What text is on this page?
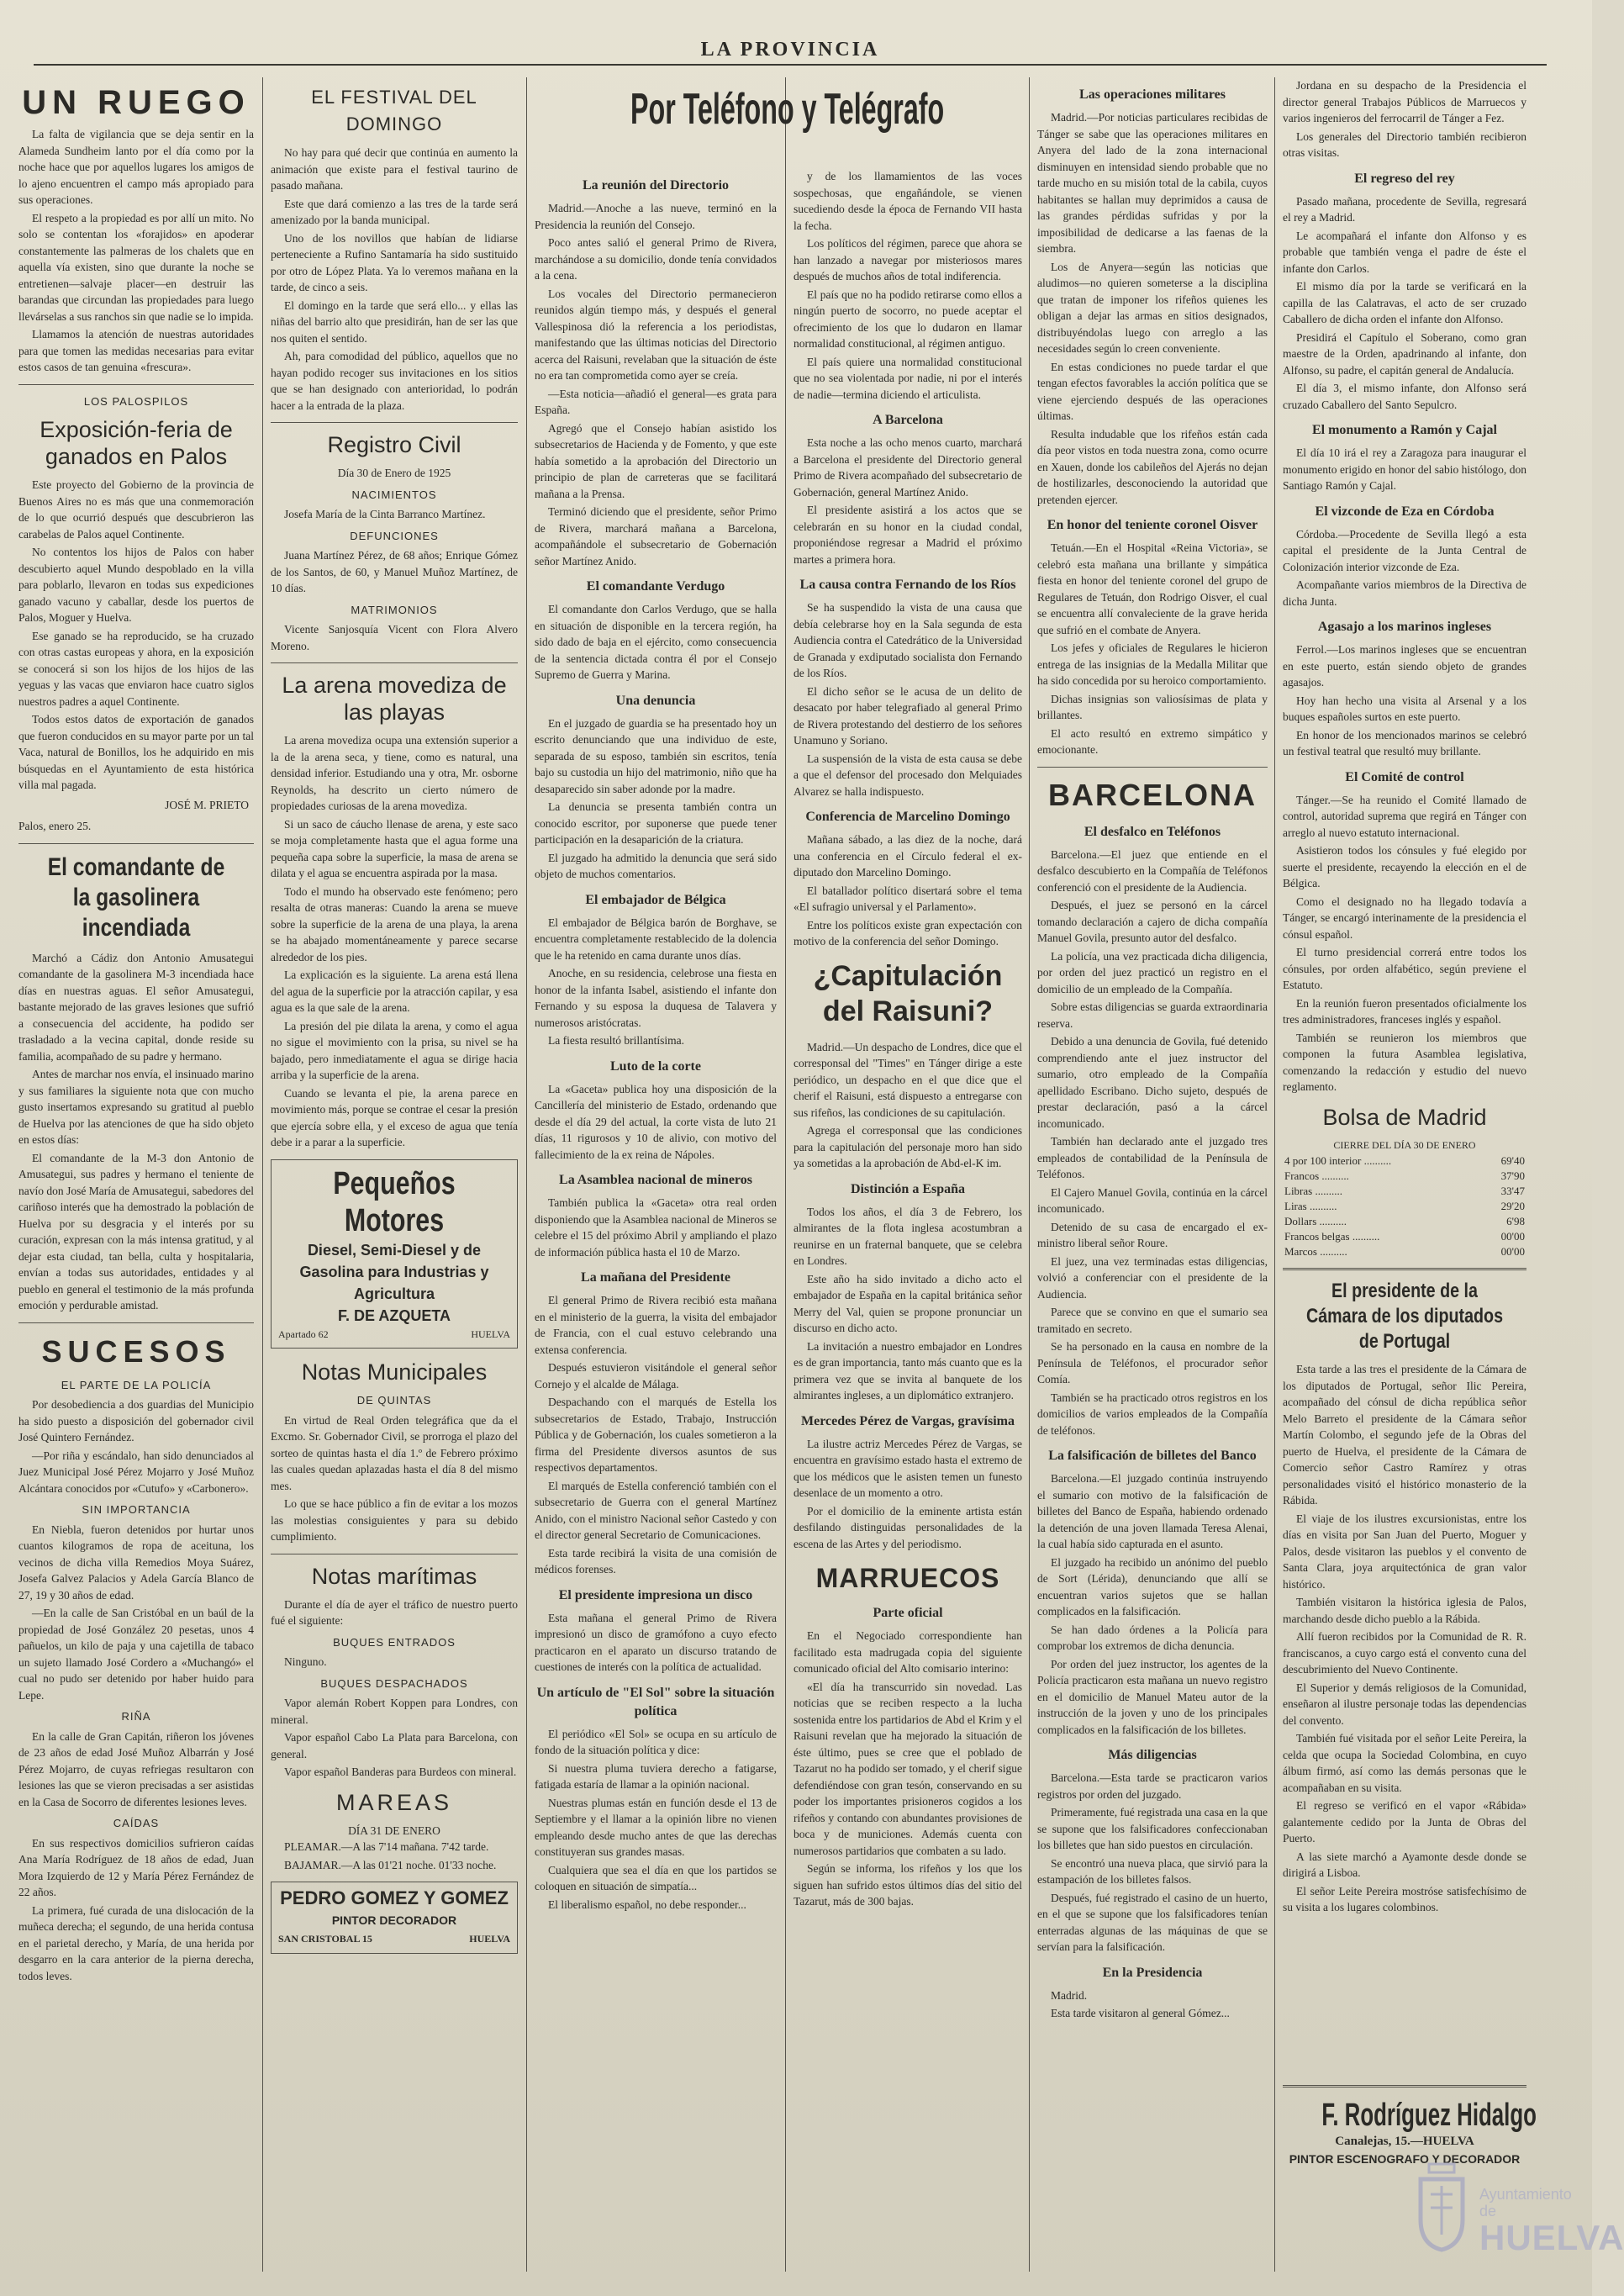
LA PROVINCIA
UN RUEGO

La falta de vigilancia que se deja sentir en la Alameda Sundheim lanto por el día como por la noche hace que por aquellos lugares los amigos de lo ajeno encuentren el campo más apropiado para sus operaciones.

El respeto a la propiedad es por allí un mito. No solo se contentan los «forajidos» en apoderar constantemente las palmeras de los chalets que en aquella vía existen, sino que durante la noche se entretienen—salvaje placer—en destruir las barandas que circundan las propiedades para luego llevárselas a sus ranchos sin que nadie se lo impida.

Llamamos la atención de nuestras autoridades para que tomen las medidas necesarias para evitar estos casos de tan genuina «frescura».

LOS PALOSPILOS
Exposición-feria de ganados en Palos

Este proyecto del Gobierno de la provincia de Buenos Aires no es más que una conmemoración de lo que ocurrió después que descubrieron las carabelas de Palos aquel Continente.

No contentos los hijos de Palos con haber descubierto aquel Mundo despoblado en la villa para poblarlo, llevaron en todas sus expediciones ganado vacuno y caballar, desde los puertos de Palos, Moguer y Huelva.

Ese ganado se ha reproducido, se ha cruzado con otras castas europeas y ahora, en la exposición se conocerá si son los hijos de los hijos de las yeguas y las vacas que enviaron hace cuatro siglos nuestros padres a aquel Continente.

Todos estos datos de exportación de ganados que fueron conducidos en su mayor parte por un tal Vaca, natural de Bonillos, los he adquirido en mis búsquedas en el Ayuntamiento de esta histórica villa mal pagada.

JOSÉ M. PRIETO
Palos, enero 25.
El comandante de la gasolinera incendiada

Marchó a Cádiz don Antonio Amusategui comandante de la gasolinera M-3 incendiada hace días en nuestras aguas. El señor Amusategui, bastante mejorado de las graves lesiones que sufrió a consecuencia del accidente, ha podido ser trasladado a la vecina capital, donde reside su familia, acompañado de su padre y hermano.

Antes de marchar nos envía, el insinuado marino y sus familiares la siguiente nota que con mucho gusto insertamos expresando su gratitud al pueblo de Huelva por las atenciones de que ha sido objeto en estos días:

El comandante de la M-3 don Antonio de Amusategui, sus padres y hermano el teniente de navío don José María de Amusategui, sabedores del cariñoso interés que ha demostrado la población de Huelva por su desgracia y el interés por su curación, expresan con la más intensa gratitud, y al dejar esta ciudad, tan bella, culta y hospitalaria, envían a todas sus autoridades, entidades y al pueblo en general el testimonio de la más profunda emoción y perdurable amistad.

SUCESOS
EL PARTE DE LA POLICÍA

Por desobediencia a dos guardias del Municipio ha sido puesto a disposición del gobernador civil José Quintero Fernández.

—Por riña y escándalo, han sido denunciados al Juez Municipal José Pérez Mojarro y José Muñoz Alcántara conocidos por «Cutufo» y «Carbonero».

SIN IMPORTANCIA

En Niebla, fueron detenidos por hurtar unos cuantos kilogramos de ropa de aceituna, los vecinos de dicha villa Remedios Moya Suárez, Josefa Galvez Palacios y Adela García Blanco de 27, 19 y 30 años de edad.

—En la calle de San Cristóbal en un baúl de la propiedad de José González 20 pesetas, unos 4 pañuelos, un kilo de paja y una cajetilla de tabaco un sujeto llamado José Cordero a «Muchangó» el cual no pudo ser detenido por haber huido para Lepe.

RIÑA

En la calle de Gran Capitán, riñeron los jóvenes de 23 años de edad José Muñoz Albarrán y José Pérez Mojarro, de cuyas refriegas resultaron con lesiones las que se vieron precisadas a ser asistidas en la Casa de Socorro de diferentes lesiones leves.

CAÍDAS

En sus respectivos domicilios sufrieron caídas Ana María Rodríguez de 18 años de edad, Juan Mora Izquierdo de 12 y María Pérez Fernández de 22 años.

La primera, fué curada de una dislocación de la muñeca derecha; el segundo, de una herida contusa en el parietal derecho, y María, de una herida por desgarro en la cara anterior de la pierna derecha, todos leves.

EL FESTIVAL DEL DOMINGO

No hay para qué decir que continúa en aumento la animación que existe para el festival taurino de pasado mañana.

Este que dará comienzo a las tres de la tarde será amenizado por la banda municipal.

Uno de los novillos que habían de lidiarse perteneciente a Rufino Santamaría ha sido sustituido por otro de López Plata. Ya lo veremos mañana en la tarde, de cinco a seis.

El domingo en la tarde que será ello... y ellas las niñas del barrio alto que presidirán, han de ser las que nos quiten el sentido.

Ah, para comodidad del público, aquellos que no hayan podido recoger sus invitaciones en los sitios que se han designado con anterioridad, lo podrán hacer a la entrada de la plaza.

Registro Civil
Día 30 de Enero de 1925
NACIMIENTOS

Josefa María de la Cinta Barranco Martínez.

DEFUNCIONES

Juana Martínez Pérez, de 68 años; Enrique Gómez de los Santos, de 60, y Manuel Muñoz Martínez, de 10 días.

MATRIMONIOS

Vicente Sanjosquía Vicent con Flora Alvero Moreno.

La arena movediza de las playas

La arena movediza ocupa una extensión superior a la de la arena seca, y tiene, como es natural, una densidad inferior. Estudiando una y otra, Mr. osborne Reynolds, ha descrito un cierto número de propiedades curiosas de la arena movediza.

Si un saco de cáucho llenase de arena, y este saco se moja completamente hasta que el agua forme una pequeña capa sobre la superficie, la masa de arena se dilata y el agua se encuentra aspirada por la masa.

Todo el mundo ha observado este fenómeno; pero resalta de otras maneras: Cuando la arena se mueve sobre la superficie de la arena de una playa, la arena se ha abajado momentáneamente y parece secarse alrededor de los pies.

La explicación es la siguiente. La arena está llena del agua de la superficie por la atracción capilar, y esa agua es la que sale de la arena.

La presión del pie dilata la arena, y como el agua no sigue el movimiento con la prisa, su nivel se ha bajado, pero inmediatamente el agua se dirige hacia arriba y la superficie de la arena.

Cuando se levanta el pie, la arena parece en movimiento más, porque se contrae el cesar la presión que ejercía sobre ella, y el exceso de agua que tenía debe ir a parar a la superficie.

Pequeños Motores
Diesel, Semi-Diesel y de Gasolina para Industrias y Agricultura
F. DE AZQUETA
Apartado 62	HUELVA
Notas Municipales
DE QUINTAS

En virtud de Real Orden telegráfica que da el Excmo. Sr. Gobernador Civil, se prorroga el plazo del sorteo de quintas hasta el día 1.º de Febrero próximo las cuales quedan aplazadas hasta el día 8 del mismo mes.

Lo que se hace público a fin de evitar a los mozos las molestias consiguientes y para su debido cumplimiento.

Notas marítimas

Durante el día de ayer el tráfico de nuestro puerto fué el siguiente:

BUQUES ENTRADOS

Ninguno.

BUQUES DESPACHADOS

Vapor alemán Robert Koppen para Londres, con mineral.

Vapor español Cabo La Plata para Barcelona, con general.

Vapor español Banderas para Burdeos con mineral.

MAREAS
DÍA 31 DE ENERO

PLEAMAR.—A las 7'14 mañana. 7'42 tarde.

BAJAMAR.—A las 01'21 noche. 01'33 noche.

PEDRO GOMEZ Y GOMEZ
PINTOR DECORADOR
SAN CRISTOBAL 15	HUELVA
Por Teléfono y Telégrafo
La reunión del Directorio

Madrid.—Anoche a las nueve, terminó en la Presidencia la reunión del Consejo.

Poco antes salió el general Primo de Rivera, marchándose a su domicilio, donde tenía convidados a la cena.

Los vocales del Directorio permanecieron reunidos algún tiempo más, y después el general Vallespinosa dió la referencia a los periodistas, manifestando que las últimas noticias del Directorio acerca del Raisuni, revelaban que la situación de éste no era tan comprometida como ayer se creía.

—Esta noticia—añadió el general—es grata para España.

Agregó que el Consejo habían asistido los subsecretarios de Hacienda y de Fomento, y que este había sometido a la aprobación del Directorio un principio de plan de carreteras que se facilitará mañana a la Prensa.

Terminó diciendo que el presidente, señor Primo de Rivera, marchará mañana a Barcelona, acompañándole el subsecretario de Gobernación señor Martínez Anido.

El comandante Verdugo

El comandante don Carlos Verdugo, que se halla en situación de disponible en la tercera región, ha sido dado de baja en el ejército, como consecuencia de la sentencia dictada contra él por el Consejo Supremo de Guerra y Marina.

Una denuncia

En el juzgado de guardia se ha presentado hoy un escrito denunciando que una individuo de este, separada de su esposo, también sin escritos, tenía bajo su custodia un hijo del matrimonio, niño que ha desaparecido sin saber adonde por la madre.

La denuncia se presenta también contra un conocido escritor, por suponerse que puede tener participación en la desaparición de la criatura.

El juzgado ha admitido la denuncia que será sido objeto de muchos comentarios.

El embajador de Bélgica

El embajador de Bélgica barón de Borghave, se encuentra completamente restablecido de la dolencia que le ha retenido en cama durante unos días.

Anoche, en su residencia, celebrose una fiesta en honor de la infanta Isabel, asistiendo el infante don Fernando y su esposa la duquesa de Talavera y numerosos aristócratas.

La fiesta resultó brillantísima.

Luto de la corte

La «Gaceta» publica hoy una disposición de la Cancillería del ministerio de Estado, ordenando que desde el día 29 del actual, la corte vista de luto 21 días, 11 rigurosos y 10 de alivio, con motivo del fallecimiento de la ex reina de Nápoles.

La Asamblea nacional de mineros

También publica la «Gaceta» otra real orden disponiendo que la Asamblea nacional de Mineros se celebre el 15 del próximo Abril y ampliando el plazo de información pública hasta el 10 de Marzo.

La mañana del Presidente

El general Primo de Rivera recibió esta mañana en el ministerio de la guerra, la visita del embajador de Francia, con el cual estuvo celebrando una extensa conferencia.

Después estuvieron visitándole el general señor Cornejo y el alcalde de Málaga.

Despachando con el marqués de Estella los subsecretarios de Estado, Trabajo, Instrucción Pública y de Gobernación, los cuales sometieron a la firma del Presidente diversos asuntos de sus respectivos departamentos.

El marqués de Estella conferenció también con el subsecretario de Guerra con el general Martínez Anido, con el ministro Nacional señor Castedo y con el director general Secretario de Comunicaciones.

Esta tarde recibirá la visita de una comisión de médicos forenses.

El presidente impresiona un disco

Esta mañana el general Primo de Rivera impresionó un disco de gramófono a cuyo efecto practicaron en el aparato un discurso tratando de cuestiones de interés con la política de actualidad.

Un artículo de "El Sol" sobre la situación política

El periódico «El Sol» se ocupa en su artículo de fondo de la situación política y dice:

Si nuestra pluma tuviera derecho a fatigarse, fatigada estaría de llamar a la opinión nacional.

Nuestras plumas están en función desde el 13 de Septiembre y el llamar a la opinión libre no vienen empleando desde mucho antes de que las derechas constituyeran sus grandes masas.

Cualquiera que sea el día en que los partidos se coloquen en situación de simpatía...

El liberalismo español, no debe responder...

y de los llamamientos de las voces sospechosas, que engañándole, se vienen sucediendo desde la época de Fernando VII hasta la fecha.

Los políticos del régimen, parece que ahora se han lanzado a navegar por misteriosos mares después de muchos años de total indiferencia.

El país que no ha podido retirarse como ellos a ningún puerto de socorro, no puede aceptar el ofrecimiento de los que lo dudaron en llamar normalidad constitucional, al régimen antiguo.

El país quiere una normalidad constitucional que no sea violentada por nadie, ni por el interés de nadie—termina diciendo el articulista.

A Barcelona

Esta noche a las ocho menos cuarto, marchará a Barcelona el presidente del Directorio general Primo de Rivera acompañado del subsecretario de Gobernación, general Martínez Anido.

El presidente asistirá a los actos que se celebrarán en su honor en la ciudad condal, proponiéndose regresar a Madrid el próximo martes a primera hora.

La causa contra Fernando de los Ríos

Se ha suspendido la vista de una causa que debía celebrarse hoy en la Sala segunda de esta Audiencia contra el Catedrático de la Universidad de Granada y exdiputado socialista don Fernando de los Ríos.

El dicho señor se le acusa de un delito de desacato por haber telegrafiado al general Primo de Rivera protestando del destierro de los señores Unamuno y Soriano.

La suspensión de la vista de esta causa se debe a que el defensor del procesado don Melquiades Alvarez se halla indispuesto.

Conferencia de Marcelino Domingo

Mañana sábado, a las diez de la noche, dará una conferencia en el Círculo federal el ex-diputado don Marcelino Domingo.

El batallador político disertará sobre el tema «El sufragio universal y el Parlamento».

Entre los políticos existe gran expectación con motivo de la conferencia del señor Domingo.

¿Capitulación del Raisuni?

Madrid.—Un despacho de Londres, dice que el corresponsal del "Times" en Tánger dirige a este periódico, un despacho en el que dice que el cherif el Raisuni, está dispuesto a entregarse con sus rifeños, las condiciones de su capitulación.

Agrega el corresponsal que las condiciones para la capitulación del personaje moro han sido ya sometidas a la aprobación de Abd-el-K im.

Distinción a España

Todos los años, el día 3 de Febrero, los almirantes de la flota inglesa acostumbran a reunirse en un fraternal banquete, que se celebra en Londres.

Este año ha sido invitado a dicho acto el embajador de España en la capital británica señor Merry del Val, quien se propone pronunciar un discurso en dicho acto.

La invitación a nuestro embajador en Londres es de gran importancia, tanto más cuanto que es la primera vez que se invita al banquete de los almirantes ingleses, a un diplomático extranjero.

Mercedes Pérez de Vargas, gravísima

La ilustre actriz Mercedes Pérez de Vargas, se encuentra en gravísimo estado hasta el extremo de que los médicos que le asisten temen un funesto desenlace de un momento a otro.

Por el domicilio de la eminente artista están desfilando distinguidas personalidades de la escena de las Artes y del periodismo.

MARRUECOS
Parte oficial

En el Negociado correspondiente han facilitado esta madrugada copia del siguiente comunicado oficial del Alto comisario interino:

«El día ha transcurrido sin novedad. Las noticias que se reciben respecto a la lucha sostenida entre los partidarios de Abd el Krim y el Raisuni revelan que ha mejorado la situación de éste último, pues se cree que el poblado de Tazarut no ha podido ser tomado, y el cherif sigue defendiéndose con gran tesón, conservando en su poder los importantes prisioneros cogidos a los rifeños y contando con abundantes provisiones de boca y de municiones. Además cuenta con numerosos partidarios que combaten a su lado.

Según se informa, los rifeños y los que los siguen han sufrido estos últimos días del sitio del Tazarut, más de 300 bajas.

Las operaciones militares

Madrid.—Por noticias particulares recibidas de Tánger se sabe que las operaciones militares en Anyera del lado de la zona internacional disminuyen en intensidad siendo probable que no tarde mucho en su misión total de la cabila, cuyos habitantes se hallan muy deprimidos a causa de las grandes pérdidas sufridas y por la imposibilidad de dedicarse a las faenas de la siembra.

Los de Anyera—según las noticias que aludimos—no quieren someterse a la disciplina que tratan de imponer los rifeños quienes les obligan a dejar las armas en sitios designados, distribuyéndolas luego con arreglo a las necesidades según lo creen conveniente.

En estas condiciones no puede tardar el que tengan efectos favorables la acción política que se viene ejerciendo después de las operaciones últimas.

Resulta indudable que los rifeños están cada día peor vistos en toda nuestra zona, como ocurre en Xauen, donde los cabileños del Ajerás no dejan de hostilizarles, desconociendo la autoridad que pretenden ejercer.

En honor del teniente coronel Oisver

Tetuán.—En el Hospital «Reina Victoria», se celebró esta mañana una brillante y simpática fiesta en honor del teniente coronel del grupo de Regulares de Tetuán, don Rodrigo Oisver, el cual se encuentra allí convaleciente de la grave herida que sufrió en el combate de Anyera.

Los jefes y oficiales de Regulares le hicieron entrega de las insignias de la Medalla Militar que ha sido concedida por su heroico comportamiento.

Dichas insignias son valiosísimas de plata y brillantes.

El acto resultó en extremo simpático y emocionante.

BARCELONA
El desfalco en Teléfonos

Barcelona.—El juez que entiende en el desfalco descubierto en la Compañía de Teléfonos conferenció con el presidente de la Audiencia.

Después, el juez se personó en la cárcel tomando declaración a cajero de dicha compañía Manuel Govila, presunto autor del desfalco.

La policía, una vez practicada dicha diligencia, por orden del juez practicó un registro en el domicilio de un empleado de la Compañía.

Sobre estas diligencias se guarda extraordinaria reserva.

Debido a una denuncia de Govila, fué detenido comprendiendo ante el juez instructor del sumario, otro empleado de la Compañía apellidado Escribano. Dicho sujeto, después de prestar declaración, pasó a la cárcel incomunicado.

También han declarado ante el juzgado tres empleados de contabilidad de la Península de Teléfonos.

El Cajero Manuel Govila, continúa en la cárcel incomunicado.

Detenido de su casa de encargado el ex-ministro liberal señor Roure.

El juez, una vez terminadas estas diligencias, volvió a conferenciar con el presidente de la Audiencia.

Parece que se convino en que el sumario sea tramitado en secreto.

Se ha personado en la causa en nombre de la Península de Teléfonos, el procurador señor Comía.

También se ha practicado otros registros en los domicilios de varios empleados de la Compañía de teléfonos.

La falsificación de billetes del Banco

Barcelona.—El juzgado continúa instruyendo el sumario con motivo de la falsificación de billetes del Banco de España, habiendo ordenado la detención de una joven llamada Teresa Alenai, la cual había sido capturada en el asunto.

El juzgado ha recibido un anónimo del pueblo de Sort (Lérida), denunciando que allí se encuentran varios sujetos que se hallan complicados en la falsificación.

Se han dado órdenes a la Policía para comprobar los extremos de dicha denuncia.

Por orden del juez instructor, los agentes de la Policía practicaron esta mañana un nuevo registro en el domicilio de Manuel Mateu autor de la instrucción de la joven y uno de los principales complicados en la falsificación de los billetes.

Más diligencias

Barcelona.—Esta tarde se practicaron varios registros por orden del juzgado.

Primeramente, fué registrada una casa en la que se supone que los falsificadores confeccionaban los billetes que han sido puestos en circulación.

Se encontró una nueva placa, que sirvió para la estampación de los billetes falsos.

Después, fué registrado el casino de un huerto, en el que se supone que los falsificadores tenían enterradas algunas de las máquinas de que se servían para la falsificación.

En la Presidencia

Madrid.

Esta tarde visitaron al general Gómez...

Jordana en su despacho de la Presidencia el director general Trabajos Públicos de Marruecos y varios ingenieros del ferrocarril de Tánger a Fez.

Los generales del Directorio también recibieron otras visitas.

El regreso del rey

Pasado mañana, procedente de Sevilla, regresará el rey a Madrid.

Le acompañará el infante don Alfonso y es probable que también venga el padre de éste el infante don Carlos.

El mismo día por la tarde se verificará en la capilla de las Calatravas, el acto de ser cruzado Caballero de dicha orden el infante don Alfonso.

Presidirá el Capítulo el Soberano, como gran maestre de la Orden, apadrinando al infante, don Alfonso, su padre, el capitán general de Andalucía.

El día 3, el mismo infante, don Alfonso será cruzado Caballero del Santo Sepulcro.

El monumento a Ramón y Cajal

El día 10 irá el rey a Zaragoza para inaugurar el monumento erigido en honor del sabio histólogo, don Santiago Ramón y Cajal.

El vizconde de Eza en Córdoba

Córdoba.—Procedente de Sevilla llegó a esta capital el presidente de la Junta Central de Colonización interior vizconde de Eza.

Acompañante varios miembros de la Directiva de dicha Junta.

Agasajo a los marinos ingleses

Ferrol.—Los marinos ingleses que se encuentran en este puerto, están siendo objeto de grandes agasajos.

Hoy han hecho una visita al Arsenal y a los buques españoles surtos en este puerto.

En honor de los mencionados marinos se celebró un festival teatral que resultó muy brillante.

El Comité de control

Tánger.—Se ha reunido el Comité llamado de control, autoridad suprema que regirá en Tánger con arreglo al nuevo estatuto internacional.

Asistieron todos los cónsules y fué elegido por suerte el presidente, recayendo la elección en el de Bélgica.

Como el designado no ha llegado todavía a Tánger, se encargó interinamente de la presidencia el cónsul español.

El turno presidencial correrá entre todos los cónsules, por orden alfabético, según previene el Estatuto.

En la reunión fueron presentados oficialmente los tres administradores, franceses inglés y español.

También se reunieron los miembros que componen la futura Asamblea legislativa, comenzando la redacción y estudio del nuevo reglamento.

Bolsa de Madrid
CIERRE DEL DÍA 30 DE ENERO
4 por 100 interior ..........	69'40
Francos ..........	37'90
Libras ..........	33'47
Liras ..........	29'20
Dollars ..........	6'98
Francos belgas ..........	00'00
Marcos ..........	00'00
El presidente de la Cámara de los diputados de Portugal

Esta tarde a las tres el presidente de la Cámara de los diputados de Portugal, señor Ilic Pereira, acompañado del cónsul de dicha república señor Melo Barreto el presidente de la Cámara señor Martín Colombo, el segundo jefe de la Obras del puerto de Huelva, el presidente de la Cámara de Comercio señor Castro Ramírez y otras personalidades visitó el histórico monasterio de la Rábida.

El viaje de los ilustres excursionistas, entre los días en visita por San Juan del Puerto, Moguer y Palos, desde visitaron las pueblos y el convento de Santa Clara, joya arquitectónica de gran valor histórico.

También visitaron la histórica iglesia de Palos, marchando desde dicho pueblo a la Rábida.

Allí fueron recibidos por la Comunidad de R. R. franciscanos, a cuyo cargo está el convento cuna del descubrimiento del Nuevo Continente.

El Superior y demás religiosos de la Comunidad, enseñaron al ilustre personaje todas las dependencias del convento.

También fué visitada por el señor Leite Pereira, la celda que ocupa la Sociedad Colombina, en cuyo álbum firmó, así como las demás personas que le acompañaban en su visita.

El regreso se verificó en el vapor «Rábida» galantemente cedido por la Junta de Obras del Puerto.

A las siete marchó a Ayamonte desde donde se dirigirá a Lisboa.

El señor Leite Pereira mostróse satisfechísimo de su visita a los lugares colombinos.

F. Rodríguez Hidalgo
Canalejas, 15.—HUELVA
PINTOR ESCENOGRAFO Y DECORADOR
Ayuntamiento de
HUELVA
